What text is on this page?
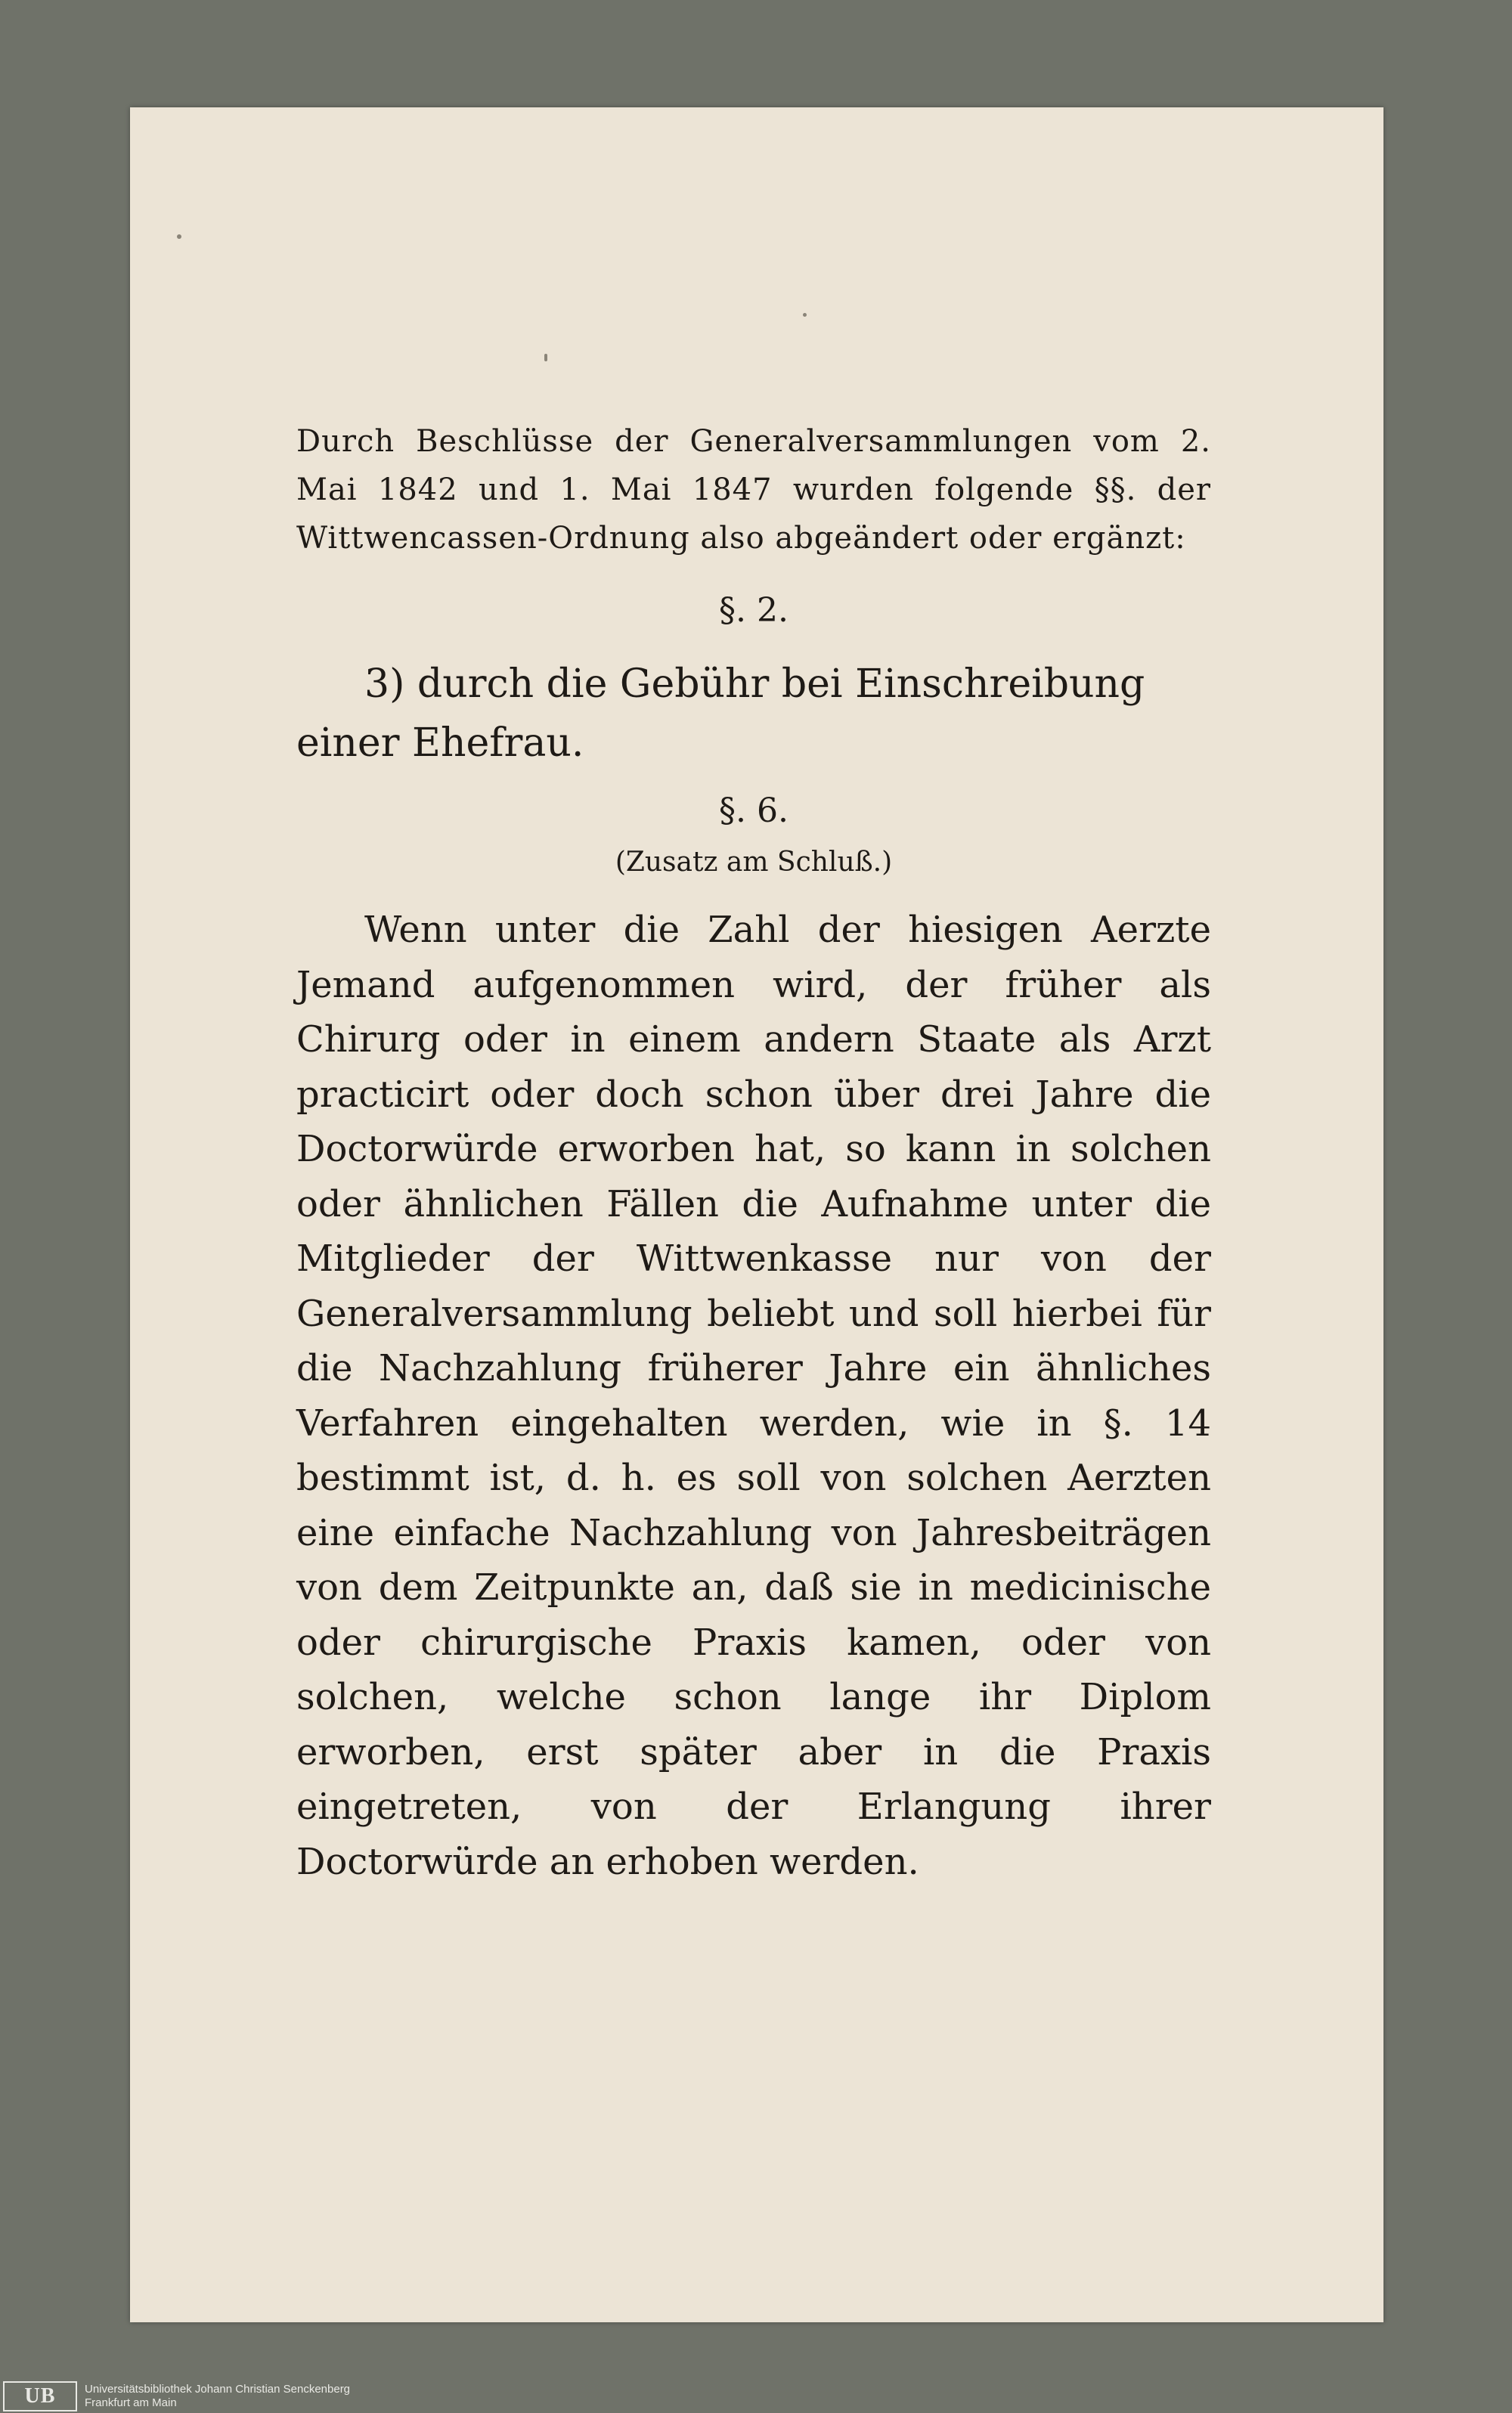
Durch Beschlüsse der Generalversammlungen vom 2. Mai 1842 und 1. Mai 1847 wurden folgende §§. der Wittwencassen-Ordnung also abgeändert oder ergänzt:

§. 2.

3) durch die Gebühr bei Einschreibung einer Ehefrau.

§. 6.
(Zusatz am Schluß.)

Wenn unter die Zahl der hiesigen Aerzte Jemand aufgenommen wird, der früher als Chirurg oder in einem andern Staate als Arzt practicirt oder doch schon über drei Jahre die Doctorwürde erworben hat, so kann in solchen oder ähnlichen Fällen die Aufnahme unter die Mitglieder der Wittwenkasse nur von der Generalversammlung beliebt und soll hierbei für die Nachzahlung früherer Jahre ein ähnliches Verfahren eingehalten werden, wie in §. 14 bestimmt ist, d. h. es soll von solchen Aerzten eine einfache Nachzahlung von Jahresbeiträgen von dem Zeitpunkte an, daß sie in medicinische oder chirurgische Praxis kamen, oder von solchen, welche schon lange ihr Diplom erworben, erst später aber in die Praxis eingetreten, von der Erlangung ihrer Doctorwürde an erhoben werden.

UB	Universitätsbibliothek Johann Christian Senckenberg
Frankfurt am Main
